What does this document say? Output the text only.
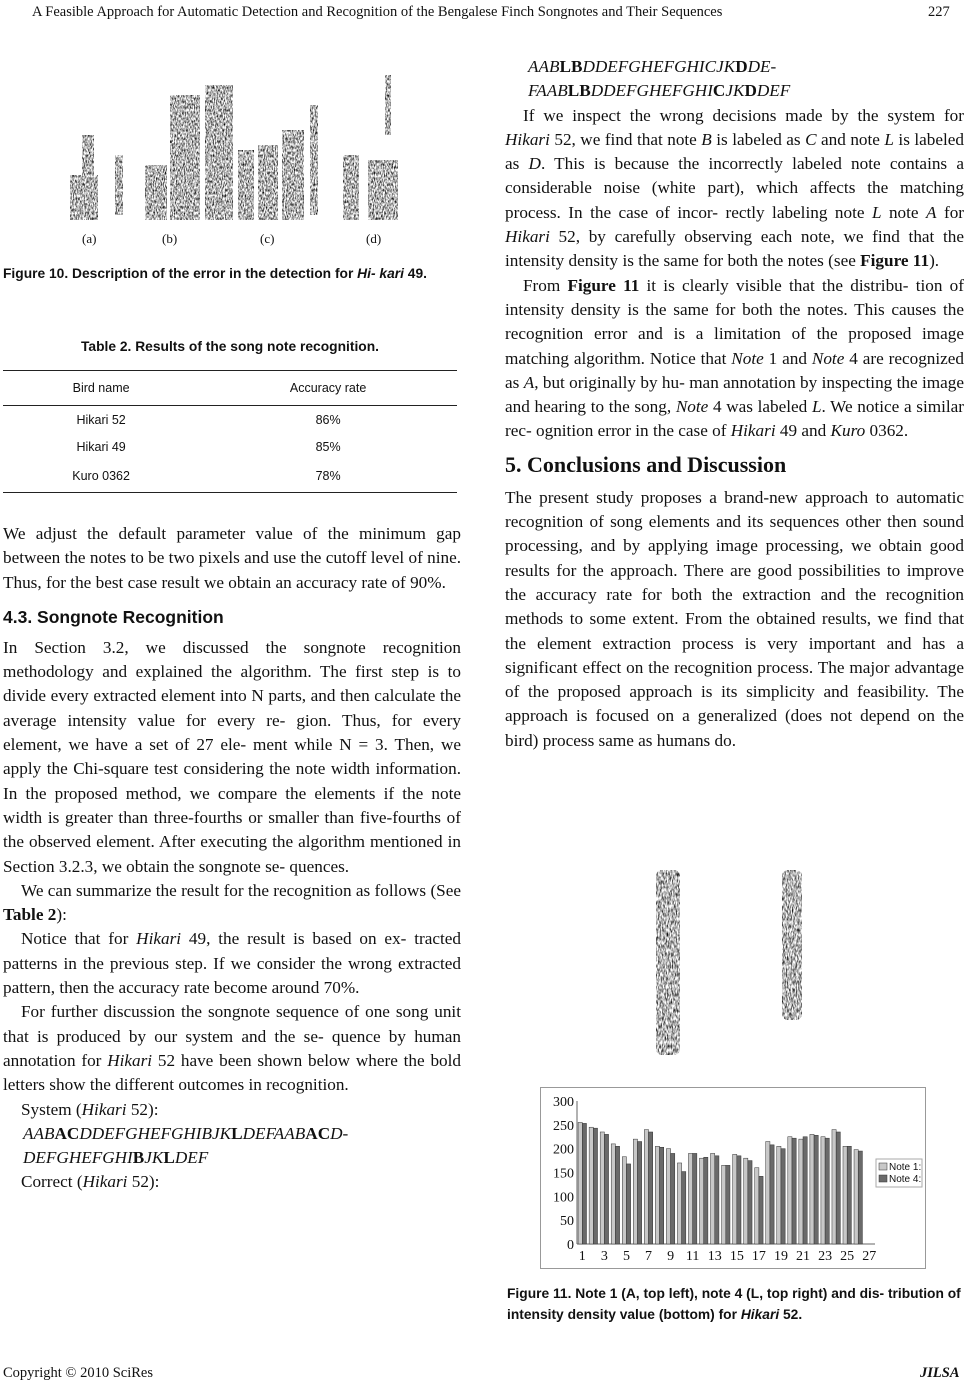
A Feasible Approach for Automatic Detection and Recognition of the Bengalese Finch Songnotes and Their Sequences	227
(a)	(b)	(c)	(d)
Figure 10. Description of the error in the detection for Hi- kari 49.
Table 2. Results of the song note recognition.
Bird name	Accuracy rate
Hikari 52	86%
Hikari 49	85%
Kuro 0362	78%

We adjust the default parameter value of the minimum gap between the notes to be two pixels and use the cutoff level of nine. Thus, for the best case result we obtain an accuracy rate of 90%.

4.3. Songnote Recognition

In Section 3.2, we discussed the songnote recognition methodology and explained the algorithm. The first step is to divide every extracted element into N parts, and then calculate the average intensity value for every re- gion. Thus, for every element, we have a set of 27 ele- ment while N = 3. Then, we apply the Chi-square test considering the note width information. In the proposed method, we compare the elements if the note width is greater than three-fourths or smaller than five-fourths of the observed element. After executing the algorithm mentioned in Section 3.2.3, we obtain the songnote se- quences.

We can summarize the result for the recognition as follows (See Table 2):

Notice that for Hikari 49, the result is based on ex- tracted patterns in the previous step. If we consider the wrong extracted pattern, then the accuracy rate become around 70%.

For further discussion the songnote sequence of one song unit that is produced by our system and the se- quence by human annotation for Hikari 52 have been shown below where the bold letters show the different outcomes in recognition.

System (Hikari 52):

AABACDDEFGHEFGHIBJKLDEFAABACD-

DEFGHEFGHIBJKLDEF

Correct (Hikari 52):

AABLBDDEFGHEFGHICJKDDE-

FAABLBDDEFGHEFGHICJKDDEF

If we inspect the wrong decisions made by the system for Hikari 52, we find that note B is labeled as C and note L is labeled as D. This is because the incorrectly labeled note contains a considerable noise (white part), which affects the matching process. In the case of incor- rectly labeling note L note A for Hikari 52, by carefully observing each note, we find that the intensity density is the same for both the notes (see Figure 11).

From Figure 11 it is clearly visible that the distribu- tion of intensity density is the same for both the notes. This causes the recognition error and is a limitation of the proposed image matching algorithm. Notice that Note 1 and Note 4 are recognized as A, but originally by hu- man annotation by inspecting the image and hearing to the song, Note 4 was labeled L. We notice a similar rec- ognition error in the case of Hikari 49 and Kuro 0362.

5. Conclusions and Discussion

The present study proposes a brand-new approach to automatic recognition of song elements and its sequences other then sound processing, and by applying image processing, we obtain good results for the approach. There are good possibilities to improve the accuracy rate for both the extraction and the recognition methods to some extent. From the obtained results, we find that the element extraction process is very important and has a significant effect on the recognition process. The major advantage of the proposed approach is its simplicity and feasibility. The approach is focused on a generalized (does not depend on the bird) process same as humans do.

0
50
100
150
200
250
300
1 3 5 7 9 11 13 15 17 19 21 23 25 27
Note 1:
Note 4:
Figure 11. Note 1 (A, top left), note 4 (L, top right) and dis- tribution of intensity density value (bottom) for Hikari 52.
Copyright © 2010 SciRes	JILSA
